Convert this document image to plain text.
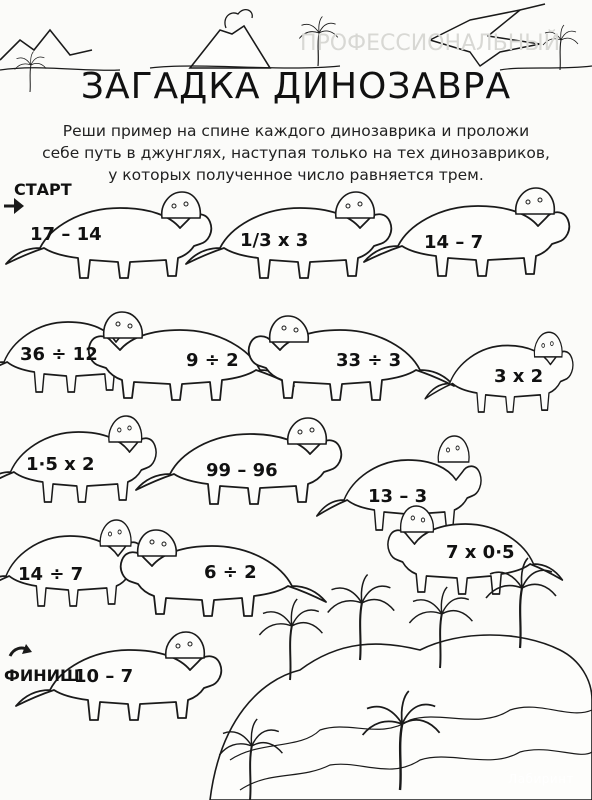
ПРОФЕССИОНАЛЬНЫЙ
ЗАГАДКА ДИНОЗАВРА
Реши пример на спине каждого динозаврика и проложи
себе путь в джунглях, наступая только на тех динозавриков,
у которых полученное число равняется трем.
СТАРТ
ФИНИШ
17 – 14	1/3 x 3	14 – 7
36 ÷ 12	9 ÷ 2	33 ÷ 3
3 x 2
1·5 x 2	99 – 96
13 – 3
14 ÷ 7	6 ÷ 2
7 x 0·5
10 – 7
Лабиринт
